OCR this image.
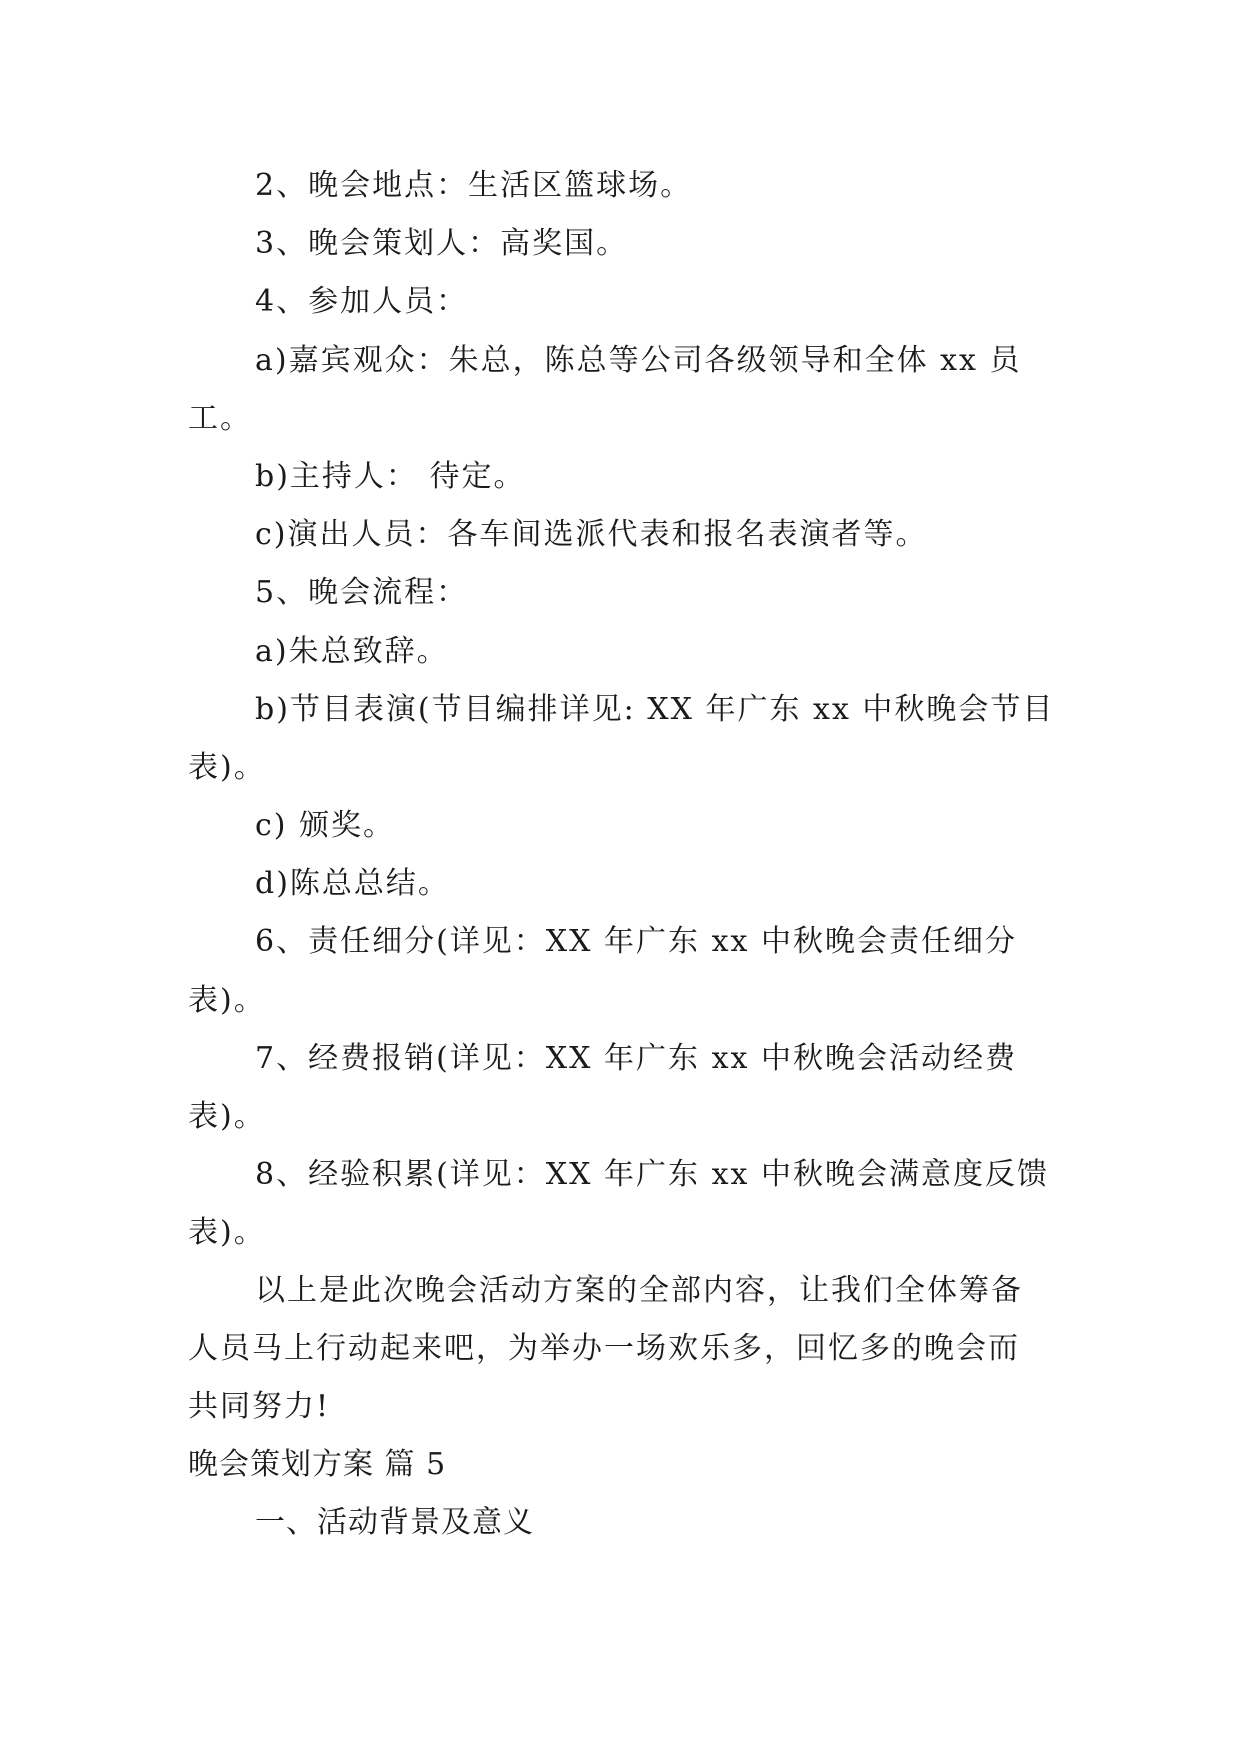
2、晚会地点：生活区篮球场。
3、晚会策划人：高奖国。
4、参加人员：
a)嘉宾观众：朱总，陈总等公司各级领导和全体 xx 员
工。
b)主持人： 待定。
c)演出人员：各车间选派代表和报名表演者等。
5、晚会流程：
a)朱总致辞。
b)节目表演(节目编排详见: XX 年广东 xx 中秋晚会节目
表)。
c) 颁奖。
d)陈总总结。
6、责任细分(详见：XX 年广东 xx 中秋晚会责任细分
表)。
7、经费报销(详见：XX 年广东 xx 中秋晚会活动经费
表)。
8、经验积累(详见：XX 年广东 xx 中秋晚会满意度反馈
表)。
以上是此次晚会活动方案的全部内容，让我们全体筹备
人员马上行动起来吧，为举办一场欢乐多，回忆多的晚会而
共同努力!
晚会策划方案 篇 5
一、活动背景及意义
